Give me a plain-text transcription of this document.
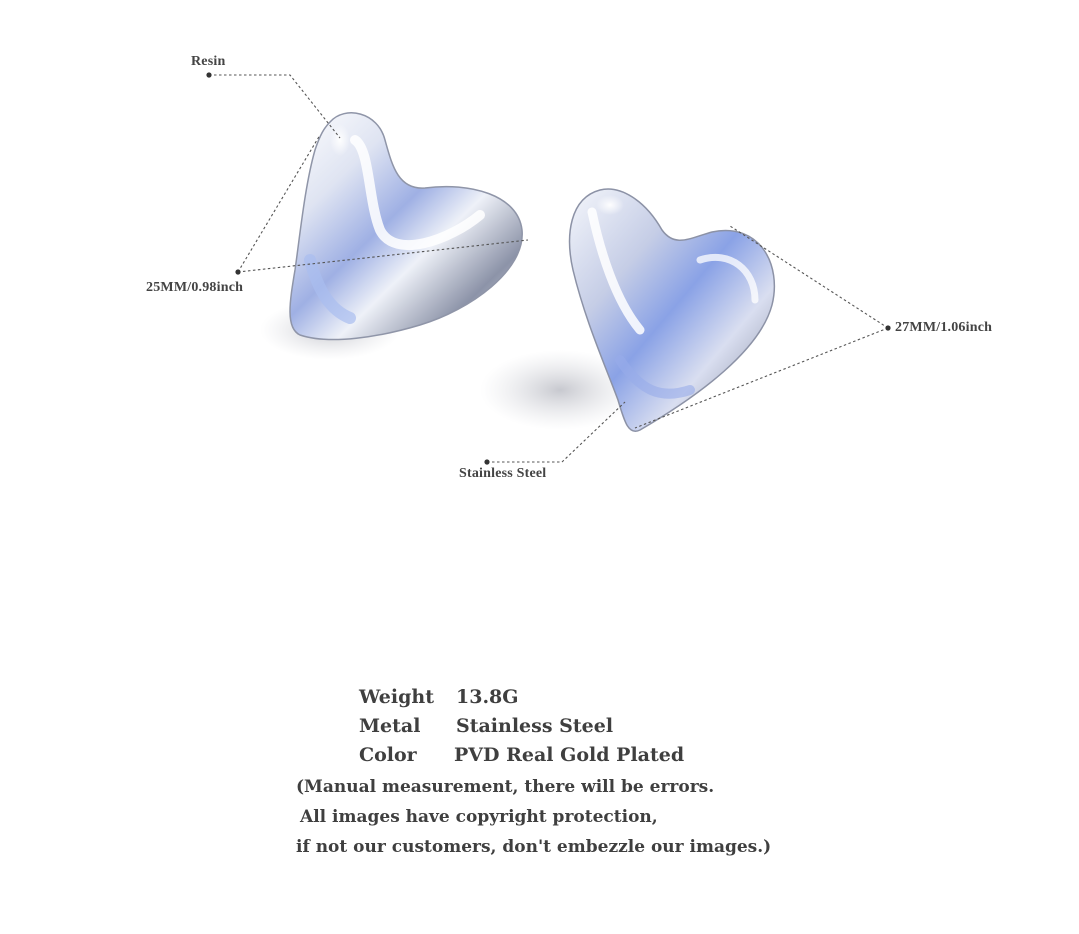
Resin
25MM/0.98inch
27MM/1.06inch
Stainless Steel
Weight	13.8G
Metal	Stainless Steel
Color	PVD Real Gold Plated
(Manual measurement, there will be errors.
All images have copyright protection,
if not our customers, don't embezzle our images.)
